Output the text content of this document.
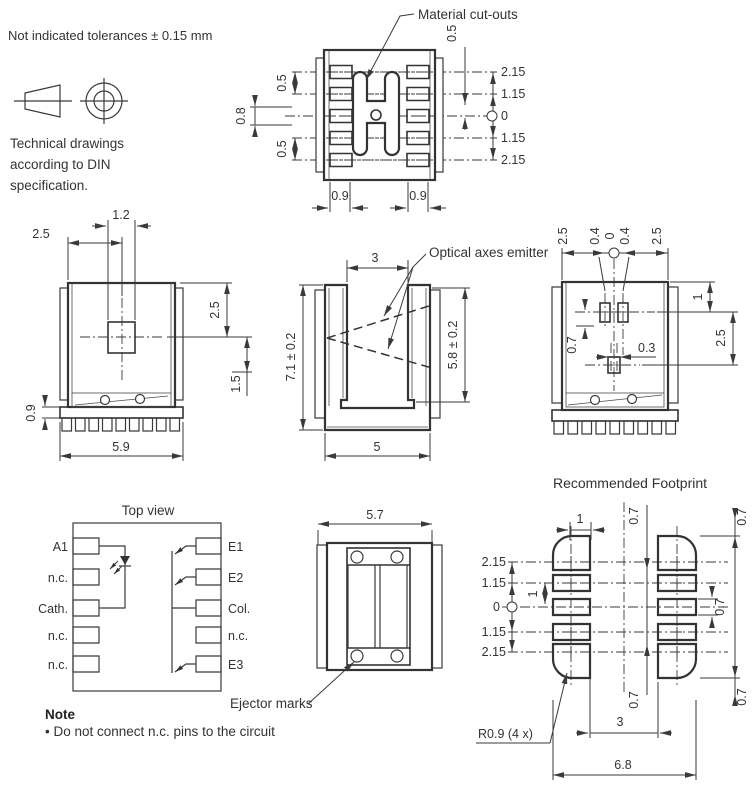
Not indicated tolerances ± 0.15 mm
Technical drawings
according to DIN
specification.
0.5
0.8
0.5
0.5
2.15
1.15
0
1.15
2.15
0.9	0.9
Material cut-outs
1.2
2.5
2.5
1.5
0.9
5.9
Optical axes emitter
3
7.1 ± 0.2	5.8 ± 0.2
5
2.5 0.4 0 0.4 2.5
1
2.5
0.7	0.3
Top view
A1
n.c.
Cath.
n.c.
n.c.
E1
E2
Col.
n.c.
E3
Note
• Do not connect n.c. pins to the circuit
5.7
Ejector marks
Recommended Footprint
2.15
1.15
0
1.15
2.15
1
1
0.7
0.7
0.7
0.7
0.7
R0.9 (4 x)
3
6.8
